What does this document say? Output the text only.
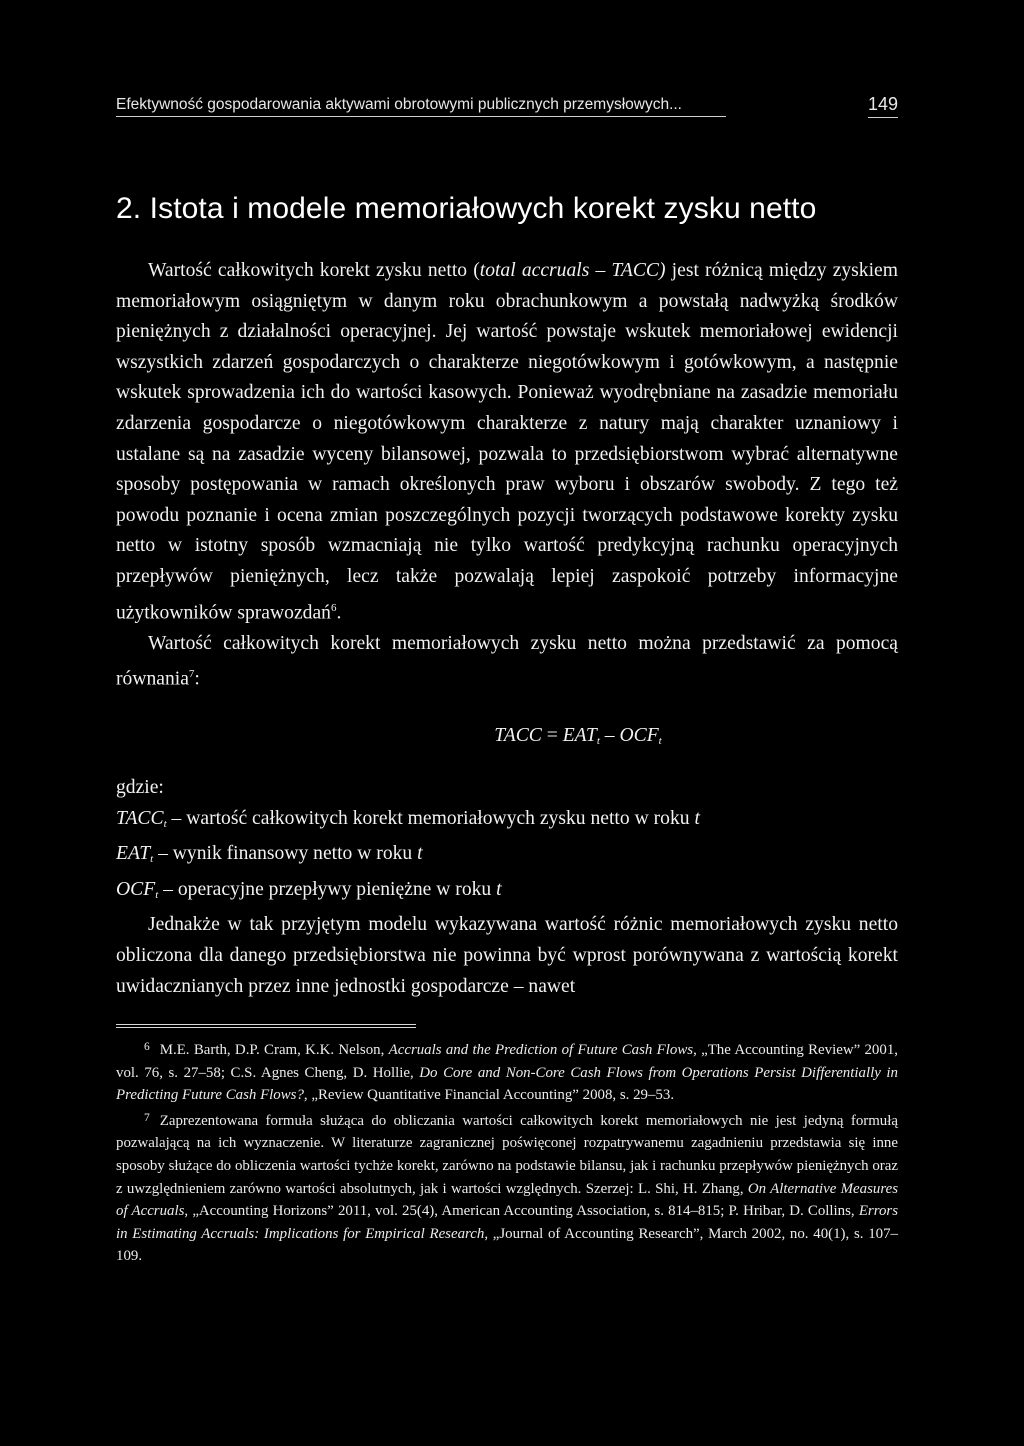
Efektywność gospodarowania aktywami obrotowymi publicznych przemysłowych...	149
2. Istota i modele memoriałowych korekt zysku netto

Wartość całkowitych korekt zysku netto (total accruals – TACC) jest różnicą między zyskiem memoriałowym osiągniętym w danym roku obrachunkowym a powstałą nadwyżką środków pieniężnych z działalności operacyjnej. Jej wartość powstaje wskutek memoriałowej ewidencji wszystkich zdarzeń gospodarczych o charakterze niegotówkowym i gotówkowym, a następnie wskutek sprowadzenia ich do wartości kasowych. Ponieważ wyodrębniane na zasadzie memoriału zdarzenia gospodarcze o niegotówkowym charakterze z natury mają charakter uznaniowy i ustalane są na zasadzie wyceny bilansowej, pozwala to przedsiębiorstwom wybrać alternatywne sposoby postępowania w ramach określonych praw wyboru i obszarów swobody. Z tego też powodu poznanie i ocena zmian poszczególnych pozycji tworzących podstawowe korekty zysku netto w istotny sposób wzmacniają nie tylko wartość predykcyjną rachunku operacyjnych przepływów pieniężnych, lecz także pozwalają lepiej zaspokoić potrzeby informacyjne użytkowników sprawozdań$^6$.

Wartość całkowitych korekt memoriałowych zysku netto można przedstawić za pomocą równania$^7$:

TACC = $EAT_t - OCF_t$
gdzie:
$TACC_t$ – wartość całkowitych korekt memoriałowych zysku netto w roku t
$EAT_t$ – wynik finansowy netto w roku t
$OCF_t$ – operacyjne przepływy pieniężne w roku t

Jednakże w tak przyjętym modelu wykazywana wartość różnic memoriałowych zysku netto obliczona dla danego przedsiębiorstwa nie powinna być wprost porównywana z wartością korekt uwidacznianych przez inne jednostki gospodarcze – nawet

$^6$ M.E. Barth, D.P. Cram, K.K. Nelson, Accruals and the Prediction of Future Cash Flows, „The Accounting Review” 2001, vol. 76, s. 27–58; C.S. Agnes Cheng, D. Hollie, Do Core and Non-Core Cash Flows from Operations Persist Differentially in Predicting Future Cash Flows?, „Review Quantitative Financial Accounting” 2008, s. 29–53.

$^7$ Zaprezentowana formuła służąca do obliczania wartości całkowitych korekt memoriałowych nie jest jedyną formułą pozwalającą na ich wyznaczenie. W literaturze zagranicznej poświęconej rozpatrywanemu zagadnieniu przedstawia się inne sposoby służące do obliczenia wartości tychże korekt, zarówno na podstawie bilansu, jak i rachunku przepływów pieniężnych oraz z uwzględnieniem zarówno wartości absolutnych, jak i wartości względnych. Szerzej: L. Shi, H. Zhang, On Alternative Measures of Accruals, „Accounting Horizons” 2011, vol. 25(4), American Accounting Association, s. 814–815; P. Hribar, D. Collins, Errors in Estimating Accruals: Implications for Empirical Research, „Journal of Accounting Research”, March 2002, no. 40(1), s. 107–109.
